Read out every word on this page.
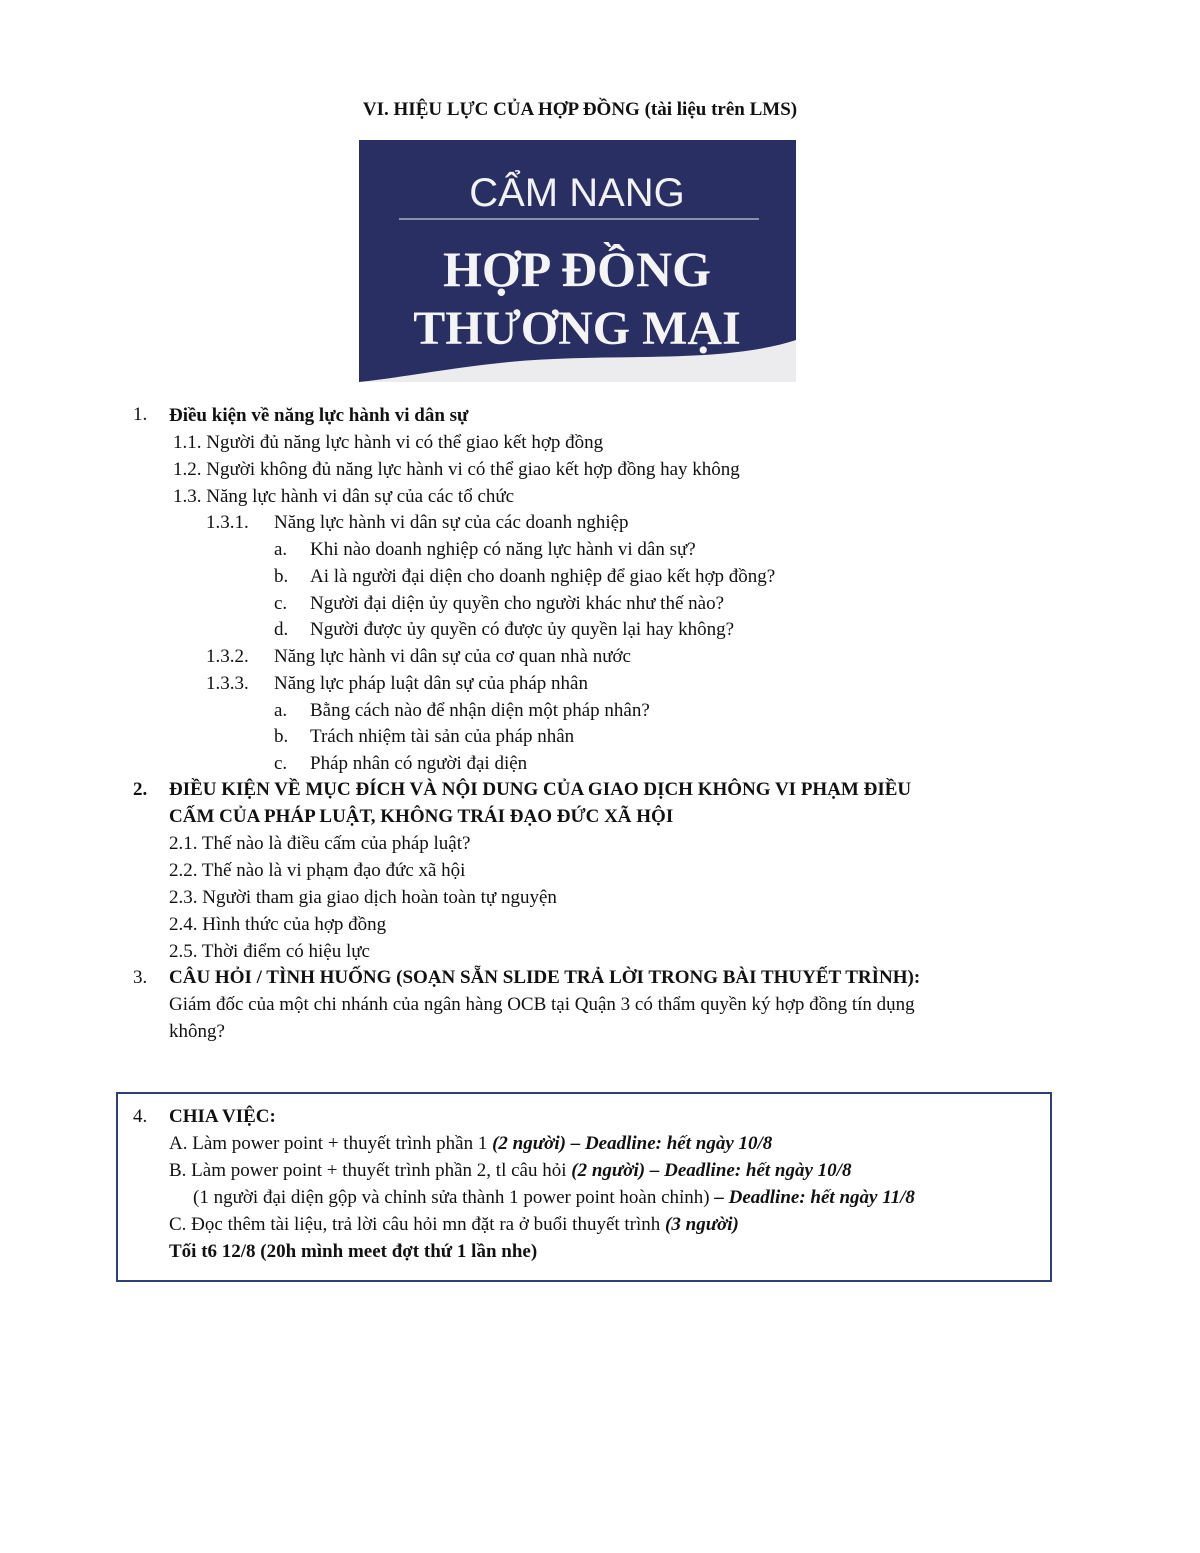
VI. HIỆU LỰC CỦA HỢP ĐỒNG (tài liệu trên LMS)
CẨM NANG
HỢP ĐỒNG
THƯƠNG MẠI
1. Điều kiện về năng lực hành vi dân sự
1.1. Người đủ năng lực hành vi có thể giao kết hợp đồng
1.2. Người không đủ năng lực hành vi có thể giao kết hợp đồng hay không
1.3. Năng lực hành vi dân sự của các tổ chức
1.3.1. Năng lực hành vi dân sự của các doanh nghiệp
a. Khi nào doanh nghiệp có năng lực hành vi dân sự?
b. Ai là người đại diện cho doanh nghiệp để giao kết hợp đồng?
c. Người đại diện ủy quyền cho người khác như thế nào?
d. Người được ủy quyền có được ủy quyền lại hay không?
1.3.2. Năng lực hành vi dân sự của cơ quan nhà nước
1.3.3. Năng lực pháp luật dân sự của pháp nhân
a. Bằng cách nào để nhận diện một pháp nhân?
b. Trách nhiệm tài sản của pháp nhân
c. Pháp nhân có người đại diện
2. ĐIỀU KIỆN VỀ MỤC ĐÍCH VÀ NỘI DUNG CỦA GIAO DỊCH KHÔNG VI PHẠM ĐIỀU
CẤM CỦA PHÁP LUẬT, KHÔNG TRÁI ĐẠO ĐỨC XÃ HỘI
2.1. Thế nào là điều cấm của pháp luật?
2.2. Thế nào là vi phạm đạo đức xã hội
2.3. Người tham gia giao dịch hoàn toàn tự nguyện
2.4. Hình thức của hợp đồng
2.5. Thời điểm có hiệu lực
3. CÂU HỎI / TÌNH HUỐNG (SOẠN SẴN SLIDE TRẢ LỜI TRONG BÀI THUYẾT TRÌNH):
Giám đốc của một chi nhánh của ngân hàng OCB tại Quận 3 có thẩm quyền ký hợp đồng tín dụng
không?
4. CHIA VIỆC:
A. Làm power point + thuyết trình phần 1 (2 người) – Deadline: hết ngày 10/8
B. Làm power point + thuyết trình phần 2, tl câu hỏi (2 người) – Deadline: hết ngày 10/8
(1 người đại diện gộp và chỉnh sửa thành 1 power point hoàn chỉnh) – Deadline: hết ngày 11/8
C. Đọc thêm tài liệu, trả lời câu hỏi mn đặt ra ở buổi thuyết trình (3 người)
Tối t6 12/8 (20h mình meet đợt thứ 1 lần nhe)
